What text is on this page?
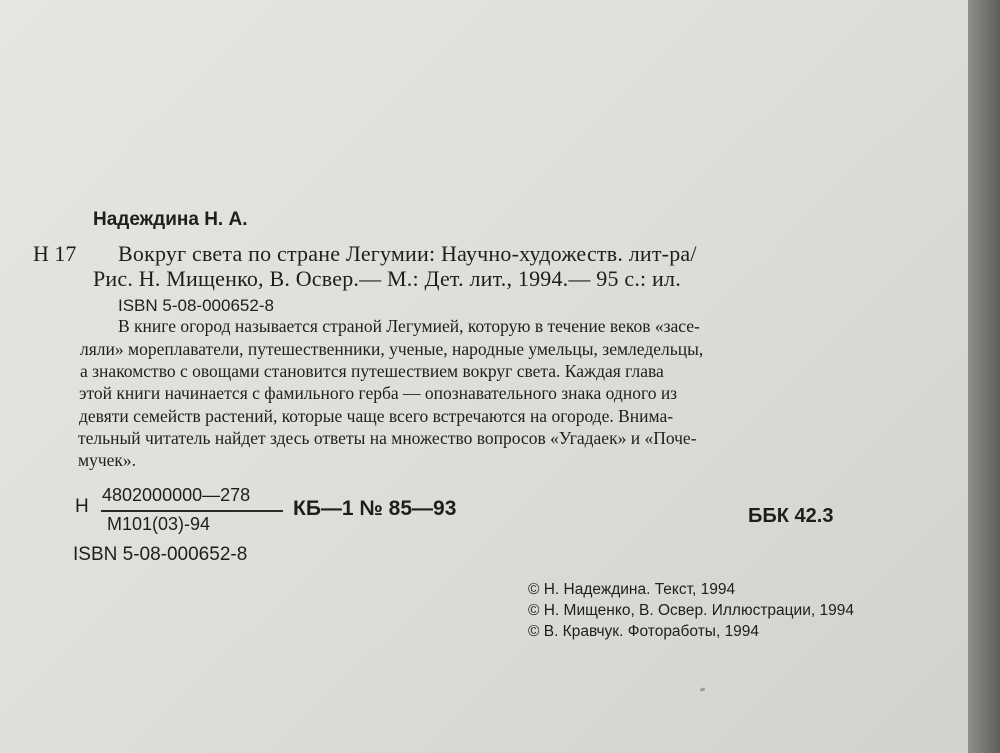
Надеждина Н. А.
Н 17 Вокруг света по стране Легумии: Научно-художеств. лит-ра/
Рис. Н. Мищенко, В. Освер.— М.: Дет. лит., 1994.— 95 с.: ил.
ISBN 5-08-000652-8
В книге огород называется страной Легумией, которую в течение веков «засе-
ляли» мореплаватели, путешественники, ученые, народные умельцы, земледельцы,
а знакомство с овощами становится путешествием вокруг света. Каждая глава
этой книги начинается с фамильного герба — опознавательного знака одного из
девяти семейств растений, которые чаще всего встречаются на огороде. Внима-
тельный читатель найдет здесь ответы на множество вопросов «Угадаек» и «Поче-
мучек».
Н
4802000000—278
М101(03)-94
КБ—1 № 85—93	ББК 42.3
ISBN 5-08-000652-8
© Н. Надеждина. Текст, 1994
© Н. Мищенко, В. Освер. Иллюстрации, 1994
© В. Кравчук. Фотоработы, 1994
